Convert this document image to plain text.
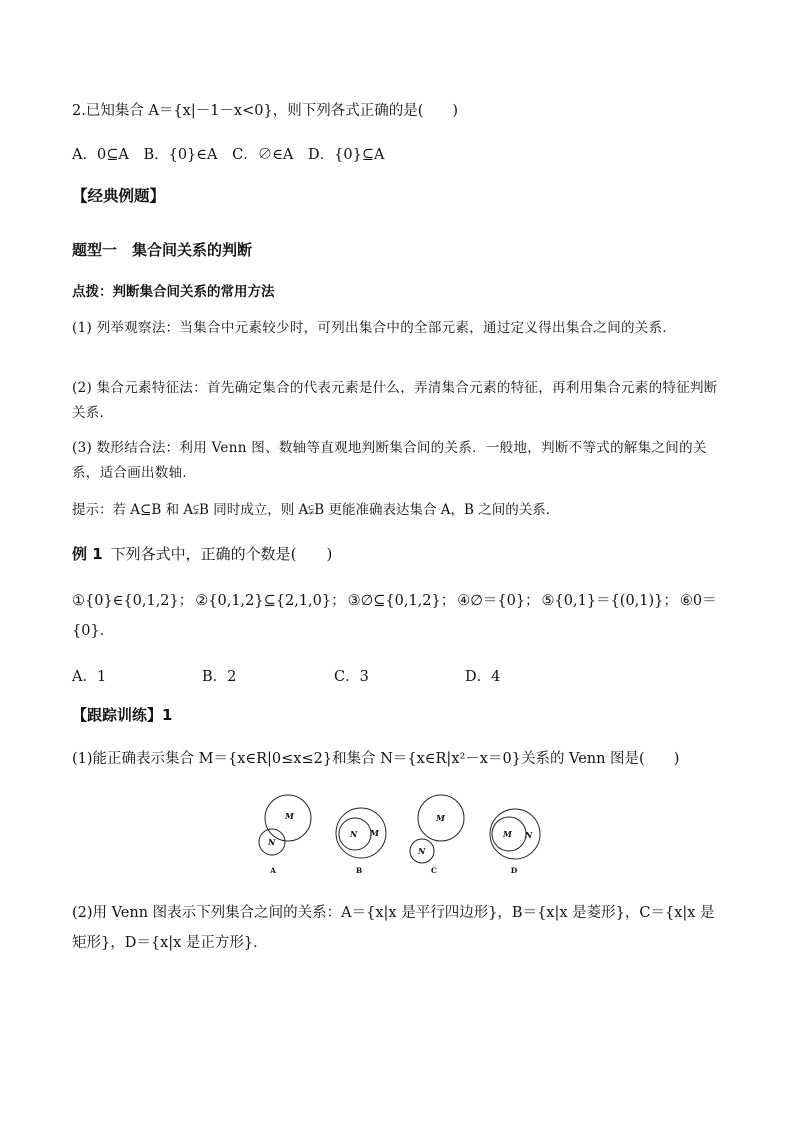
2.已知集合 A＝{x|－1－x<0}，则下列各式正确的是(　　)
A．0⊆A B．{0}∈A C．∅∈A D．{0}⊆A
【经典例题】
题型一　集合间关系的判断
点拨：判断集合间关系的常用方法
(1) 列举观察法：当集合中元素较少时，可列出集合中的全部元素，通过定义得出集合之间的关系．
(2) 集合元素特征法：首先确定集合的代表元素是什么，弄清集合元素的特征，再利用集合元素的特征判断关系．
(3) 数形结合法：利用 Venn 图、数轴等直观地判断集合间的关系．一般地，判断不等式的解集之间的关系，适合画出数轴．
提示：若 A⊆B 和 A⫋B 同时成立，则 A⫋B 更能准确表达集合 A，B 之间的关系．
例 1 下列各式中，正确的个数是(　　)
①{0}∈{0,1,2}； ②{0,1,2}⊆{2,1,0}； ③∅⊆{0,1,2}； ④∅＝{0}； ⑤{0,1}＝{(0,1)}； ⑥0＝{0}．
A．1	B．2	C．3	D．4
【跟踪训练】1
(1)能正确表示集合 M＝{x∈R|0≤x≤2}和集合 N＝{x∈R|x²－x＝0}关系的 Venn 图是(　　)
M
N
N M
M
N
M N
A	B	C	D
(2)用 Venn 图表示下列集合之间的关系：A＝{x|x 是平行四边形}，B＝{x|x 是菱形}，C＝{x|x 是矩形}，D＝{x|x 是正方形}．
